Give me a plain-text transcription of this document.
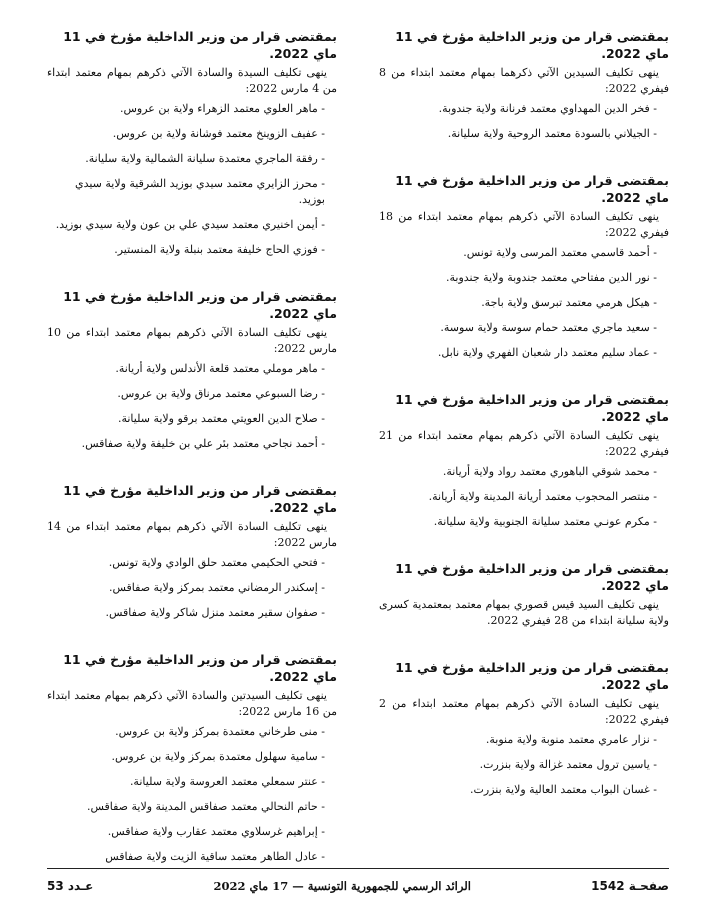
بمقتضى قرار من وزير الداخلية مؤرخ في 11 ماي 2022.
ينهى تكليف السيدين الآتي ذكرهما بمهام معتمد ابتداء من 8 فيفري 2022:
- فخر الدين المهداوي معتمد فرنانة ولاية جندوبة.
- الجيلاني بالسودة معتمد الروحية ولاية سليانة.
بمقتضى قرار من وزير الداخلية مؤرخ في 11 ماي 2022.
ينهى تكليف السادة الآتي ذكرهم بمهام معتمد ابتداء من 18 فيفري 2022:
- أحمد قاسمي معتمد المرسى ولاية تونس.
- نور الدين مفتاحي معتمد جندوبة ولاية جندوبة.
- هيكل هرمي معتمد تبرسق ولاية باجة.
- سعيد ماجري معتمد حمام سوسة ولاية سوسة.
- عماد سليم معتمد دار شعبان الفهري ولاية نابل.
بمقتضى قرار من وزير الداخلية مؤرخ في 11 ماي 2022.
ينهى تكليف السادة الآتي ذكرهم بمهام معتمد ابتداء من 21 فيفري 2022:
- محمد شوقي الباهوري معتمد رواد ولاية أريانة.
- منتصر المحجوب معتمد أريانة المدينة ولاية أريانة.
- مكرم عونـي معتمد سليانة الجنوبية ولاية سليانة.
بمقتضى قرار من وزير الداخلية مؤرخ في 11 ماي 2022.
ينهى تكليف السيد قيس قصوري بمهام معتمد بمعتمدية كسرى ولاية سليانة ابتداء من 28 فيفري 2022.
بمقتضى قرار من وزير الداخلية مؤرخ في 11 ماي 2022.
ينهى تكليف السادة الآتي ذكرهم بمهام معتمد ابتداء من 2 فيفري 2022:
- نزار عامري معتمد منوبة ولاية منوبة.
- ياسين ترول معتمد غزالة ولاية بنزرت.
- غسان البواب معتمد العالية ولاية بنزرت.
بمقتضى قرار من وزير الداخلية مؤرخ في 11 ماي 2022.
ينهى تكليف السيدة والسادة الآتي ذكرهم بمهام معتمد ابتداء من 4 مارس 2022:
- ماهر العلوي معتمد الزهراء ولاية بن عروس.
- عفيف الزوينخ معتمد فوشانة ولاية بن عروس.
- رفقة الماجري معتمدة سليانة الشمالية ولاية سليانة.
- محرز الزايري معتمد سيدي بوزيد الشرقية ولاية سيدي بوزيد.
- أيمن اخنيري معتمد سيدي علي بن عون ولاية سيدي بوزيد.
- فوزي الحاج خليفة معتمد بنبلة ولاية المنستير.
بمقتضى قرار من وزير الداخلية مؤرخ في 11 ماي 2022.
ينهى تكليف السادة الآتي ذكرهم بمهام معتمد ابتداء من 10 مارس 2022:
- ماهر موملي معتمد قلعة الأندلس ولاية أريانة.
- رضا السبوعي معتمد مرناق ولاية بن عروس.
- صلاح الدين العويتي معتمد برقو ولاية سليانة.
- أحمد نجاحي معتمد بئر علي بن خليفة ولاية صفاقس.
بمقتضى قرار من وزير الداخلية مؤرخ في 11 ماي 2022.
ينهى تكليف السادة الآتي ذكرهم بمهام معتمد ابتداء من 14 مارس 2022:
- فتحي الحكيمي معتمد حلق الوادي ولاية تونس.
- إسكندر الرمضاني معتمد بمركز ولاية صفاقس.
- صفوان سقير معتمد منزل شاكر ولاية صفاقس.
بمقتضى قرار من وزير الداخلية مؤرخ في 11 ماي 2022.
ينهى تكليف السيدتين والسادة الآتي ذكرهم بمهام معتمد ابتداء من 16 مارس 2022:
- منى طرخاني معتمدة بمركز ولاية بن عروس.
- سامية سهلول معتمدة بمركز ولاية بن عروس.
- عنتر سمعلي معتمد العروسة ولاية سليانة.
- حاتم النحالي معتمد صفاقس المدينة ولاية صفاقس.
- إبراهيم غرسلاوي معتمد عقارب ولاية صفاقس.
- عادل الطاهر معتمد ساقية الزيت ولاية صفاقس
صفحـة 1542
الرائد الرسمي للجمهورية التونسية — 17 ماي 2022
عـدد 53
